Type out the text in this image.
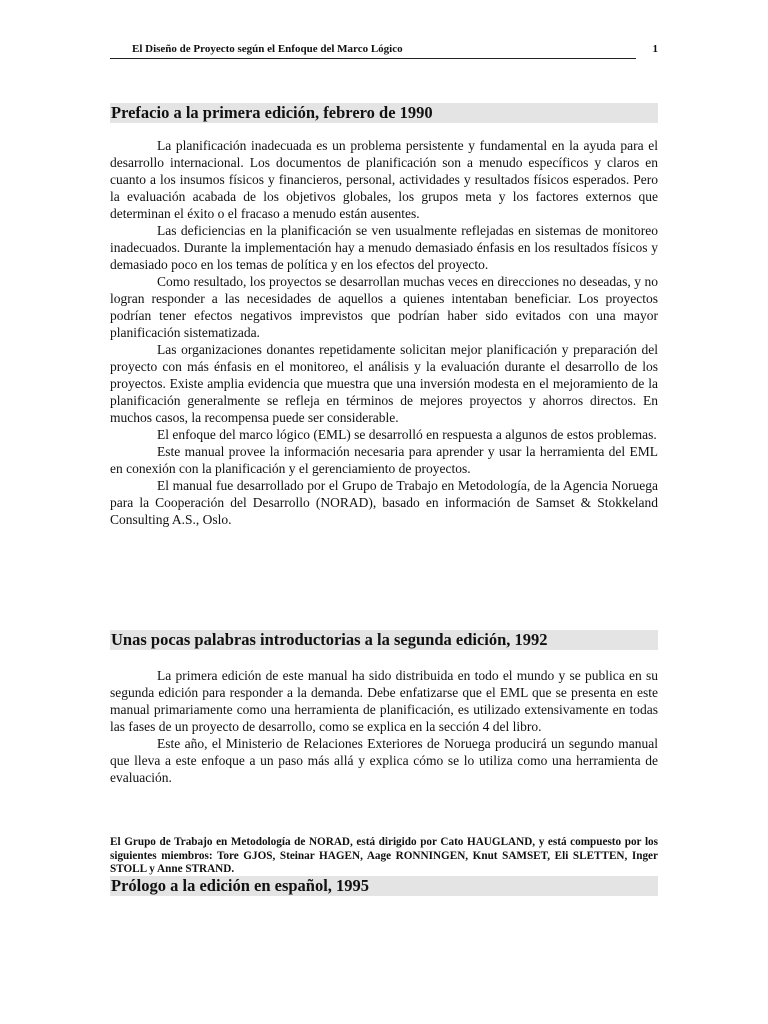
El Diseño de Proyecto según el Enfoque del Marco Lógico	1
Prefacio a la primera edición, febrero de 1990

La planificación inadecuada es un problema persistente y fundamental en la ayuda para el desarrollo internacional. Los documentos de planificación son a menudo específicos y claros en cuanto a los insumos físicos y financieros, personal, actividades y resultados físicos esperados. Pero la evaluación acabada de los objetivos globales, los grupos meta y los factores externos que determinan el éxito o el fracaso a menudo están ausentes.

Las deficiencias en la planificación se ven usualmente reflejadas en sistemas de monitoreo inadecuados. Durante la implementación hay a menudo demasiado énfasis en los resultados físicos y demasiado poco en los temas de política y en los efectos del proyecto.

Como resultado, los proyectos se desarrollan muchas veces en direcciones no deseadas, y no logran responder a las necesidades de aquellos a quienes intentaban beneficiar. Los proyectos podrían tener efectos negativos imprevistos que podrían haber sido evitados con una mayor planificación sistematizada.

Las organizaciones donantes repetidamente solicitan mejor planificación y preparación del proyecto con más énfasis en el monitoreo, el análisis y la evaluación durante el desarrollo de los proyectos. Existe amplia evidencia que muestra que una inversión modesta en el mejoramiento de la planificación generalmente se refleja en términos de mejores proyectos y ahorros directos. En muchos casos, la recompensa puede ser considerable.

El enfoque del marco lógico (EML) se desarrolló en respuesta a algunos de estos problemas.

Este manual provee la información necesaria para aprender y usar la herramienta del EML en conexión con la planificación y el gerenciamiento de proyectos.

El manual fue desarrollado por el Grupo de Trabajo en Metodología, de la Agencia Noruega para la Cooperación del Desarrollo (NORAD), basado en información de Samset & Stokkeland Consulting A.S., Oslo.

Unas pocas palabras introductorias a la segunda edición, 1992

La primera edición de este manual ha sido distribuida en todo el mundo y se publica en su segunda edición para responder a la demanda. Debe enfatizarse que el EML que se presenta en este manual primariamente como una herramienta de planificación, es utilizado extensivamente en todas las fases de un proyecto de desarrollo, como se explica en la sección 4 del libro.

Este año, el Ministerio de Relaciones Exteriores de Noruega producirá un segundo manual que lleva a este enfoque a un paso más allá y explica cómo se lo utiliza como una herramienta de evaluación.

El Grupo de Trabajo en Metodología de NORAD, está dirigido por Cato HAUGLAND, y está compuesto por los siguientes miembros: Tore GJOS, Steinar HAGEN, Aage RONNINGEN, Knut SAMSET, Eli SLETTEN, Inger STOLL y Anne STRAND.
Prólogo a la edición en español, 1995
